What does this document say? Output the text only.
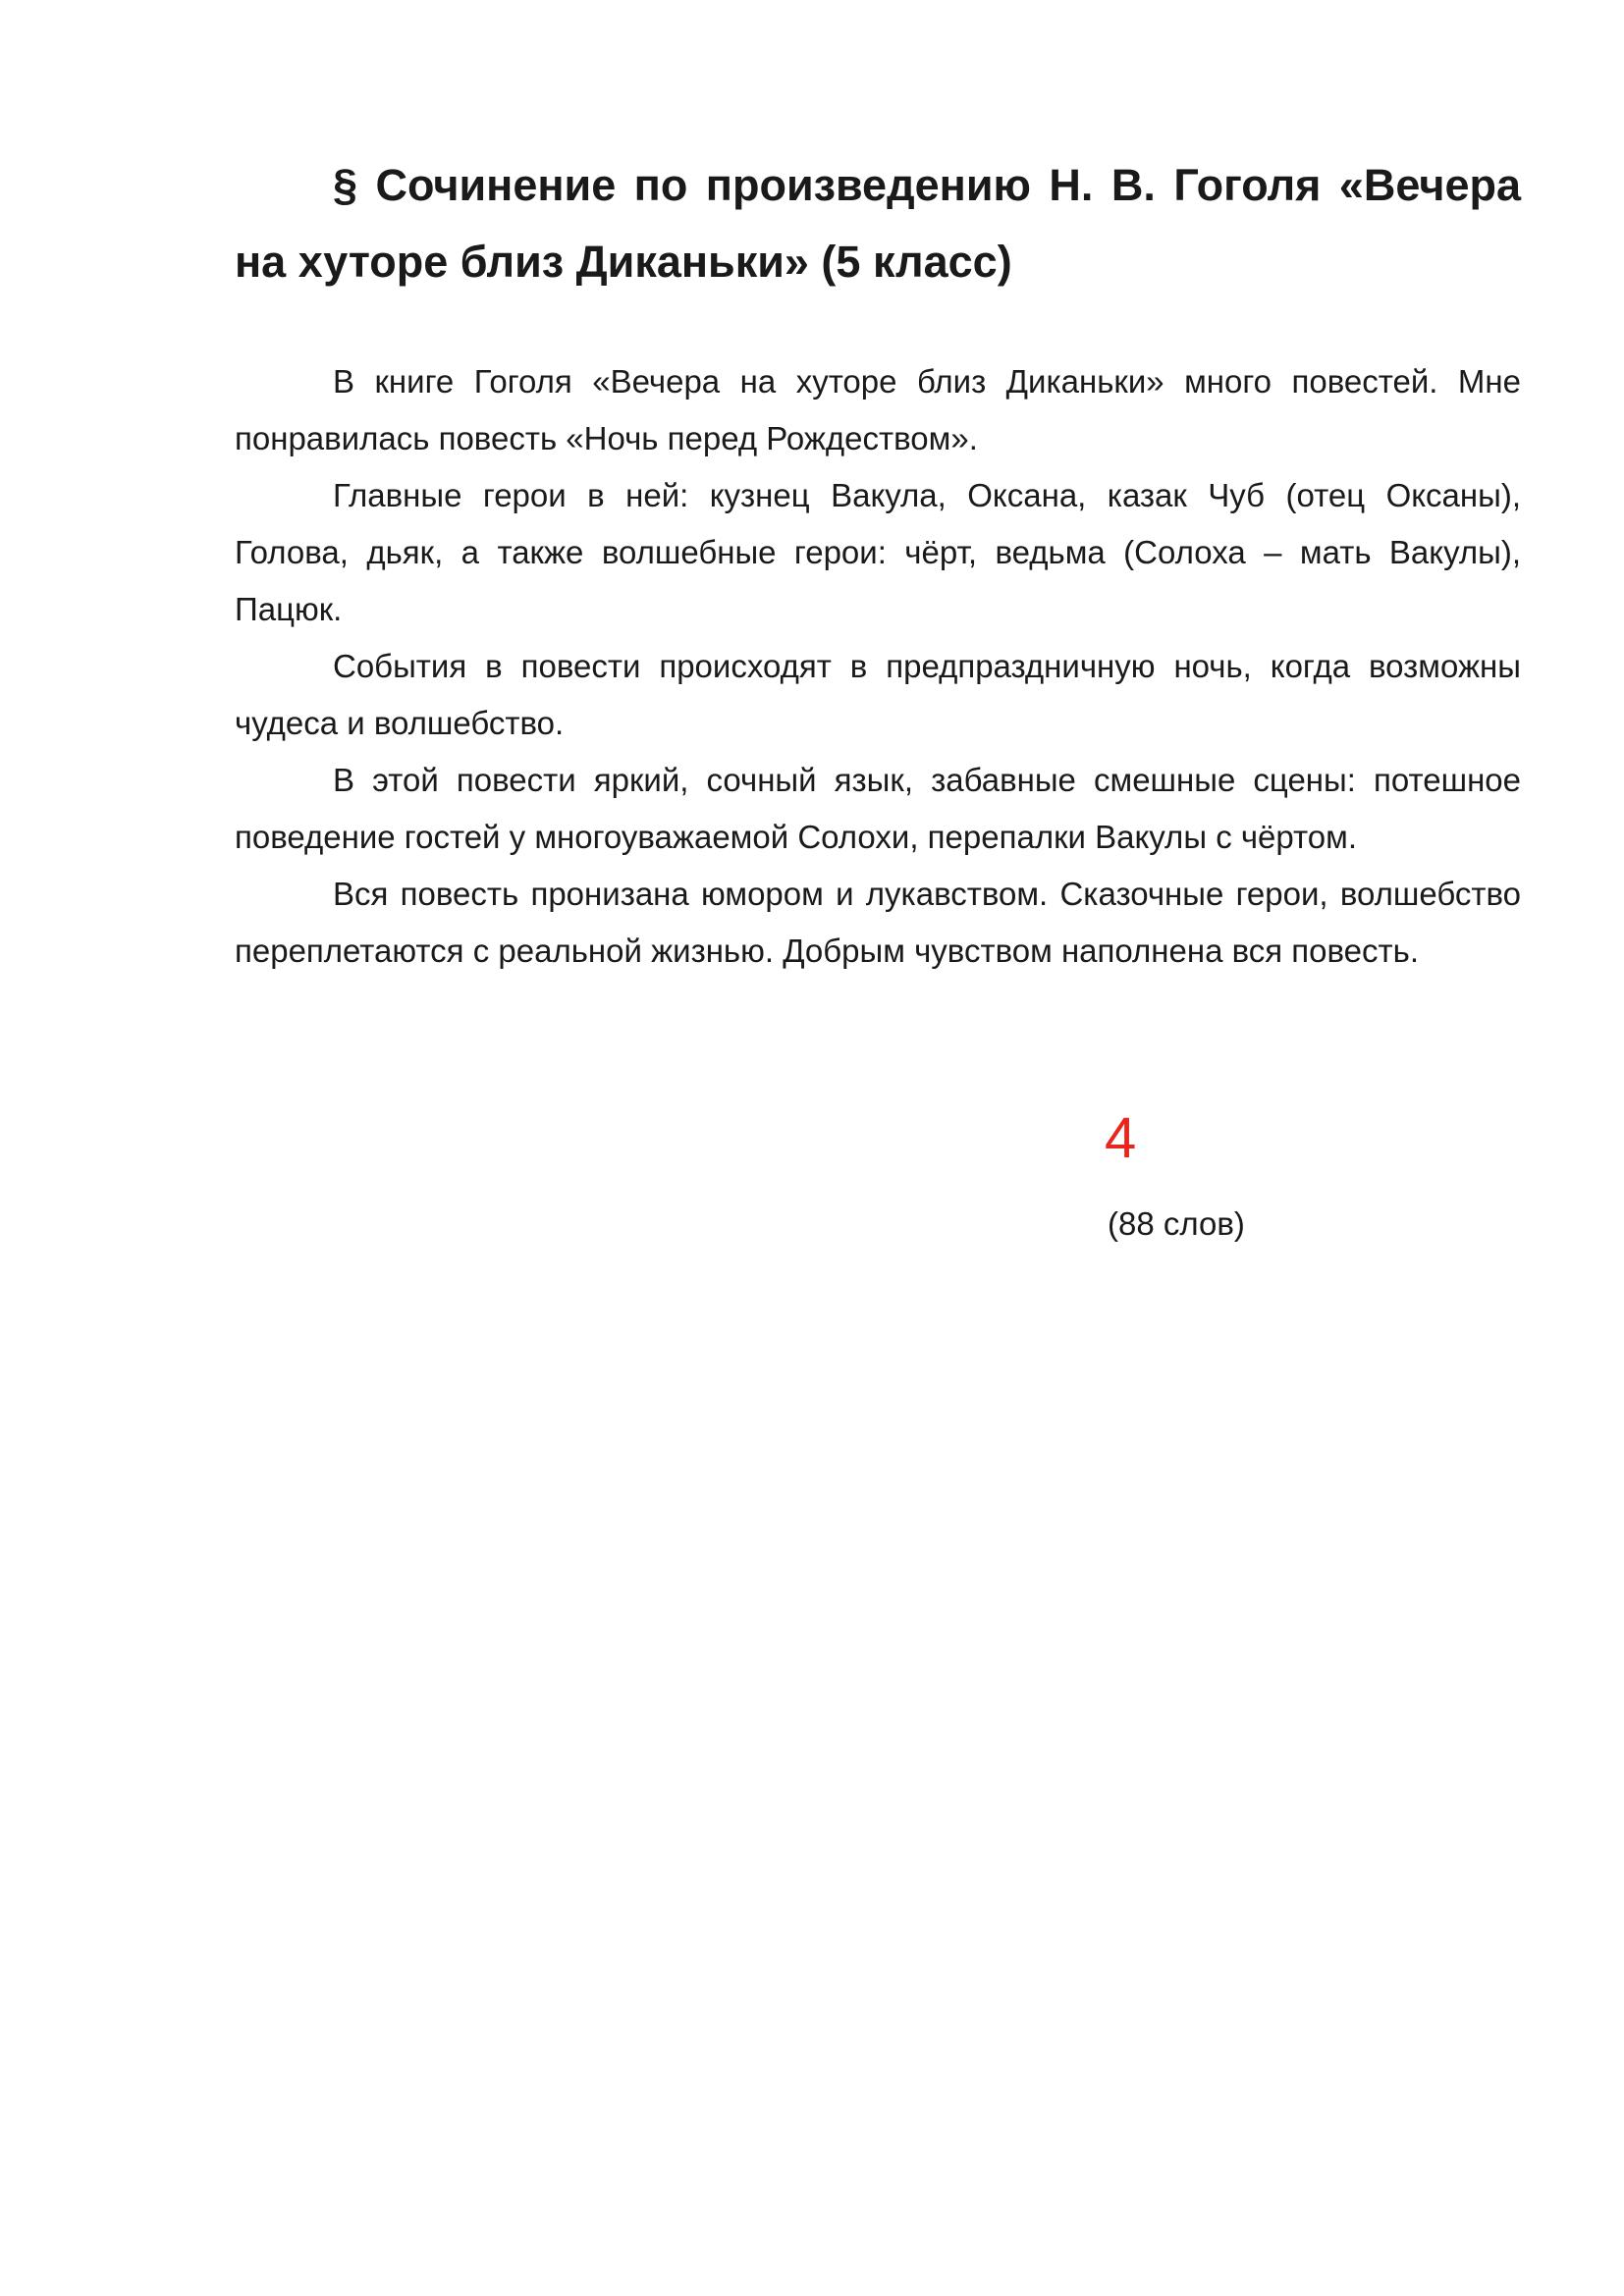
§ Сочинение по произведению Н. В. Гоголя «Вечера на хуторе близ Диканьки» (5 класс)

В книге Гоголя «Вечера на хуторе близ Диканьки» много повестей. Мне понравилась повесть «Ночь перед Рождеством».

Главные герои в ней: кузнец Вакула, Оксана, казак Чуб (отец Оксаны), Голова, дьяк, а также волшебные герои: чёрт, ведьма (Солоха – мать Вакулы), Пацюк.

События в повести происходят в предпраздничную ночь, когда возможны чудеса и волшебство.

В этой повести яркий, сочный язык, забавные смешные сцены: потешное поведение гостей у многоуважаемой Солохи, перепалки Вакулы с чёртом.

Вся повесть пронизана юмором и лукавством. Сказочные герои, волшебство переплетаются с реальной жизнью. Добрым чувством наполнена вся повесть.

4

(88 слов)
